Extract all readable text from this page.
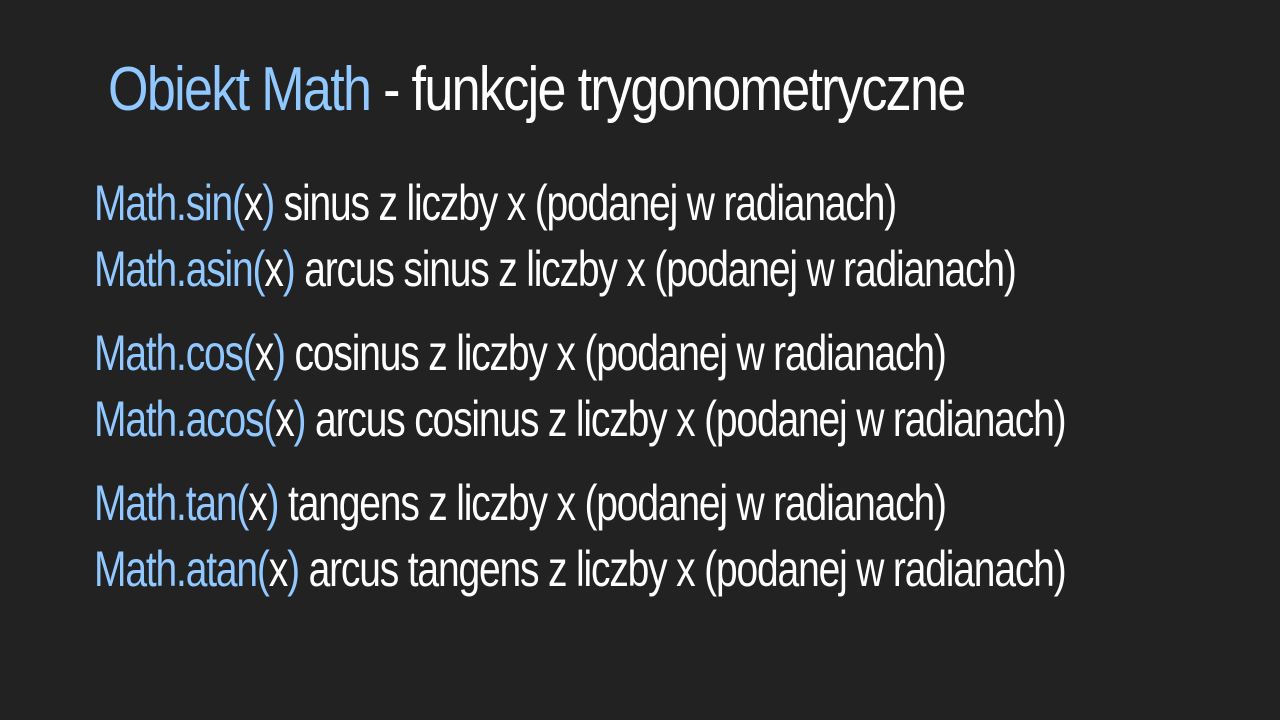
Obiekt Math - funkcje trygonometryczne
Math.sin(x) sinus z liczby x (podanej w radianach)
Math.asin(x) arcus sinus z liczby x (podanej w radianach)
Math.cos(x) cosinus z liczby x (podanej w radianach)
Math.acos(x) arcus cosinus z liczby x (podanej w radianach)
Math.tan(x) tangens z liczby x (podanej w radianach)
Math.atan(x) arcus tangens z liczby x (podanej w radianach)
